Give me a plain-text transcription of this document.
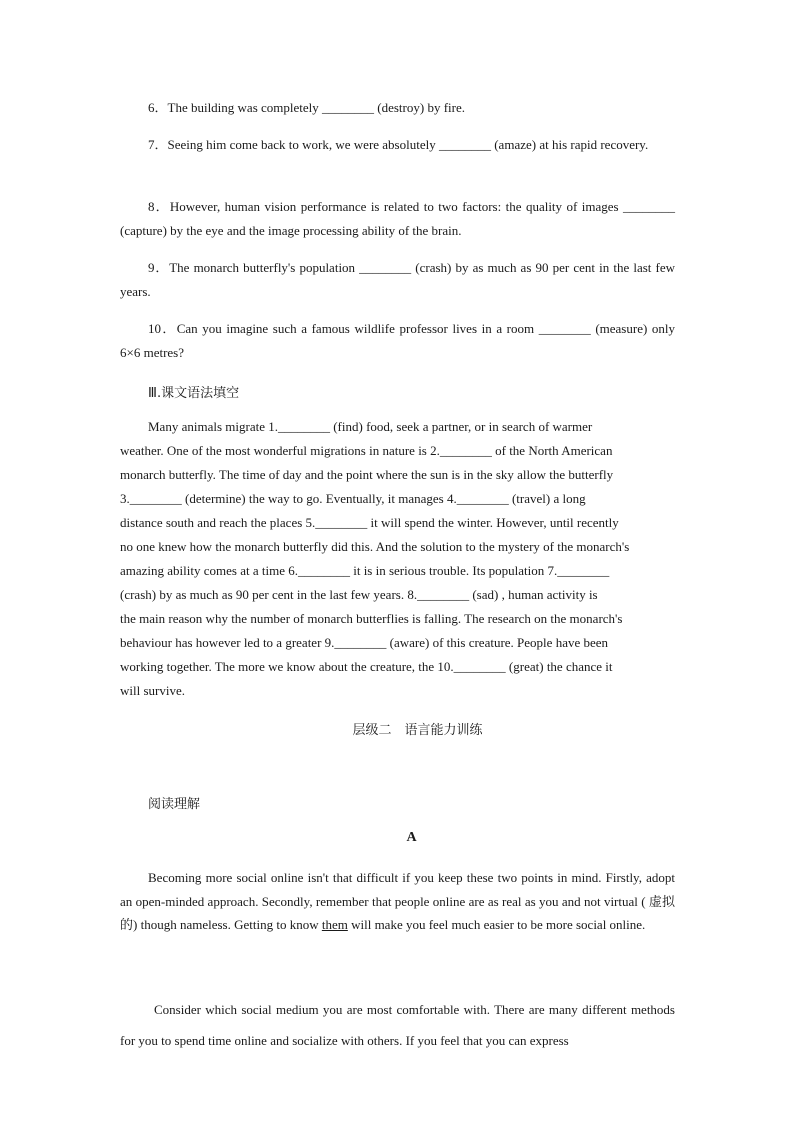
6．The building was completely ________ (destroy) by fire.

7．Seeing him come back to work, we were absolutely ________ (amaze) at his rapid recovery.

8．However, human vision performance is related to two factors: the quality of images ________ (capture) by the eye and the image processing ability of the brain.

9．The monarch butterfly's population ________ (crash) by as much as 90 per cent in the last few years.

10．Can you imagine such a famous wildlife professor lives in a room ________ (measure) only 6×6 metres?

Ⅲ.课文语法填空

Many animals migrate 1.________ (find) food, seek a partner, or in search of warmer

weather. One of the most wonderful migrations in nature is 2.________ of the North American

monarch butterfly. The time of day and the point where the sun is in the sky allow the butterfly

3.________ (determine) the way to go. Eventually, it manages 4.________ (travel) a long

distance south and reach the places 5.________ it will spend the winter. However, until recently

no one knew how the monarch butterfly did this. And the solution to the mystery of the monarch's

amazing ability comes at a time 6.________ it is in serious trouble. Its population 7.________

(crash) by as much as 90 per cent in the last few years. 8.________ (sad) , human activity is

the main reason why the number of monarch butterflies is falling. The research on the monarch's

behaviour has however led to a greater 9.________ (aware) of this creature. People have been

working together. The more we know about the creature, the 10.________ (great) the chance it

will survive.

层级二　语言能力训练
阅读理解
A

Becoming more social online isn't that difficult if you keep these two points in mind. Firstly, adopt an open-minded approach. Secondly, remember that people online are as real as you and not virtual ( 虚拟的) though nameless. Getting to know them will make you feel much easier to be more social online.

Consider which social medium you are most comfortable with. There are many different methods for you to spend time online and socialize with others. If you feel that you can express
